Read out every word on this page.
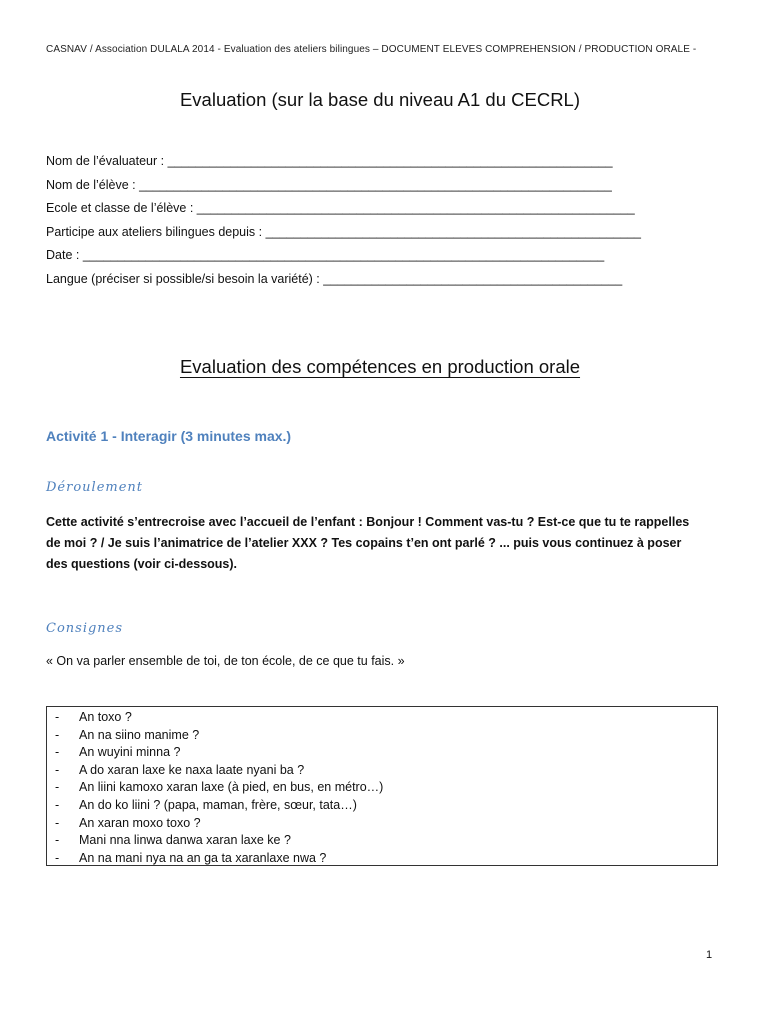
CASNAV / Association DULALA 2014 - Evaluation des ateliers bilingues – DOCUMENT ELEVES COMPREHENSION / PRODUCTION ORALE -
Evaluation (sur la base du niveau A1 du CECRL)
Nom de l’évaluateur : ________________________________________________________________
Nom de l’élève : ____________________________________________________________________
Ecole et classe de l’élève : _______________________________________________________________
Participe aux ateliers bilingues depuis : ______________________________________________________
Date : ___________________________________________________________________________
Langue (préciser si possible/si besoin la variété) : ___________________________________________
Evaluation des compétences en production orale
Activité 1 - Interagir (3 minutes max.)
Déroulement
Cette activité s’entrecroise avec l’accueil de l’enfant : Bonjour ! Comment vas-tu ? Est-ce que tu te rappelles de moi ? / Je suis l’animatrice de l’atelier XXX ? Tes copains t’en ont parlé ? ... puis vous continuez à poser des questions (voir ci-dessous).
Consignes
« On va parler ensemble de toi, de ton école, de ce que tu fais. »
- An toxo ?
- An na siino manime ?
- An wuyini minna ?
- A do xaran laxe ke naxa laate nyani ba ?
- An liini kamoxo xaran laxe (à pied, en bus, en métro…)
- An do ko liini ? (papa, maman, frère, sœur, tata…)
- An xaran moxo toxo ?
- Mani nna linwa danwa xaran laxe ke ?
- An na mani nya na an ga ta xaranlaxe nwa ?
1
